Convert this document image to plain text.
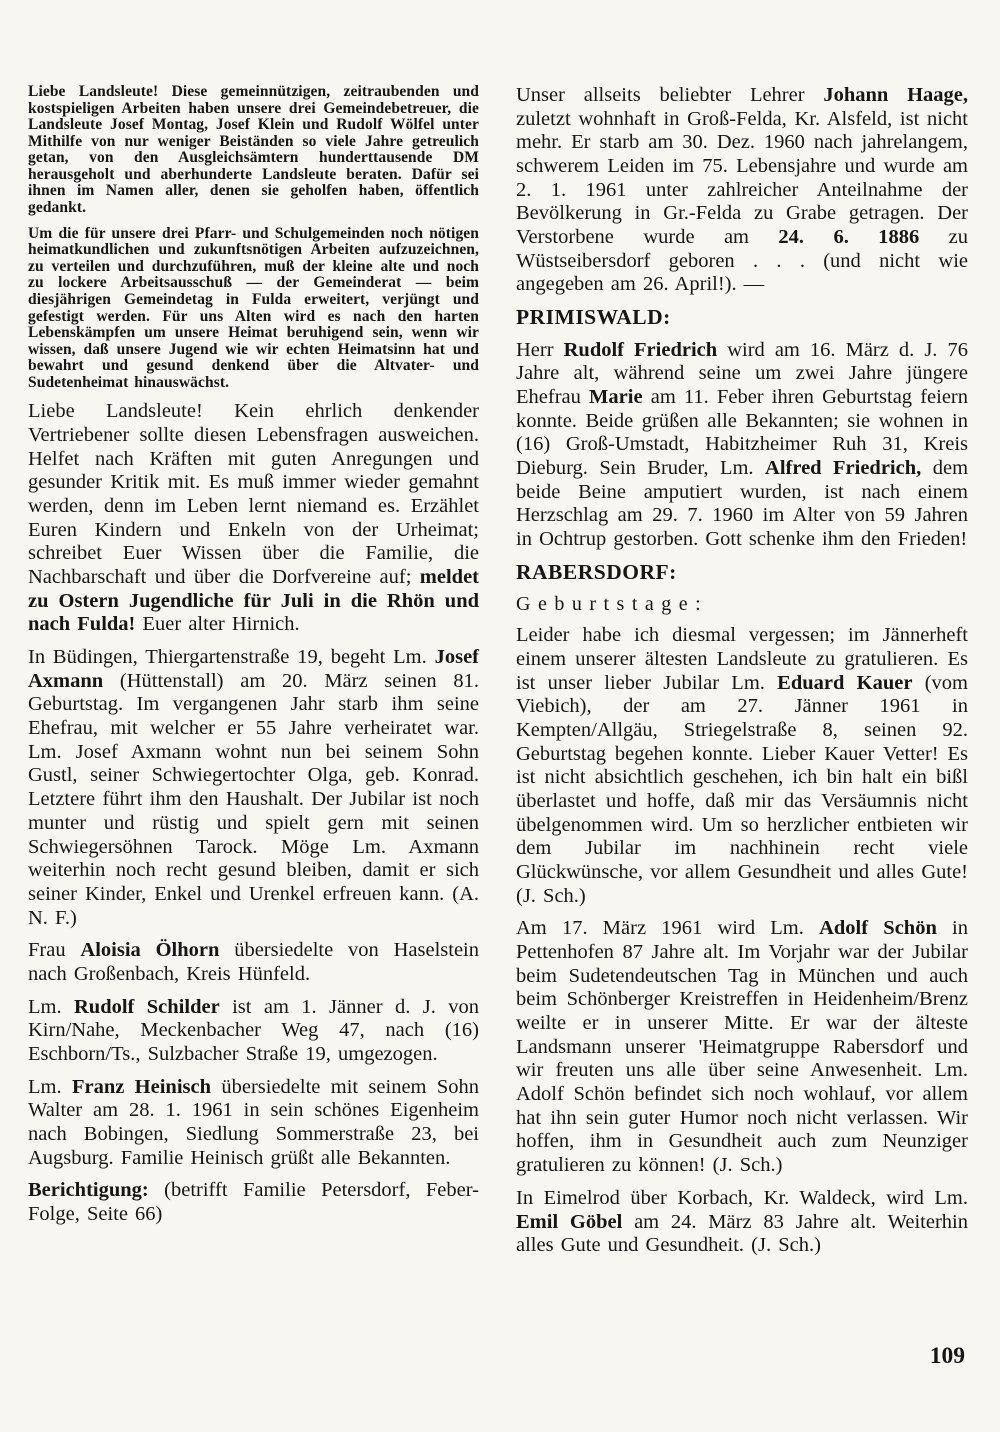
Liebe Landsleute! Diese gemeinnützigen, zeitraubenden und kostspieligen Arbeiten haben unsere drei Gemeindebetreuer, die Landsleute Josef Montag, Josef Klein und Rudolf Wölfel unter Mithilfe von nur weniger Beiständen so viele Jahre getreulich getan, von den Ausgleichsämtern hunderttausende DM herausgeholt und aberhunderte Landsleute beraten. Dafür sei ihnen im Namen aller, denen sie geholfen haben, öffentlich gedankt.

Um die für unsere drei Pfarr- und Schulgemeinden noch nötigen heimatkundlichen und zukunftsnötigen Arbeiten aufzuzeichnen, zu verteilen und durchzuführen, muß der kleine alte und noch zu lockere Arbeitsausschuß — der Gemeinderat — beim diesjährigen Gemeindetag in Fulda erweitert, verjüngt und gefestigt werden. Für uns Alten wird es nach den harten Lebenskämpfen um unsere Heimat beruhigend sein, wenn wir wissen, daß unsere Jugend wie wir echten Heimatsinn hat und bewahrt und gesund denkend über die Altvater- und Sudetenheimat hinauswächst.

Liebe Landsleute! Kein ehrlich denkender Vertriebener sollte diesen Lebensfragen ausweichen. Helfet nach Kräften mit guten Anregungen und gesunder Kritik mit. Es muß immer wieder gemahnt werden, denn im Leben lernt niemand es. Erzählet Euren Kindern und Enkeln von der Urheimat; schreibet Euer Wissen über die Familie, die Nachbarschaft und über die Dorfvereine auf; meldet zu Ostern Jugendliche für Juli in die Rhön und nach Fulda! Euer alter Hirnich.

In Büdingen, Thiergartenstraße 19, begeht Lm. Josef Axmann (Hüttenstall) am 20. März seinen 81. Geburtstag. Im vergangenen Jahr starb ihm seine Ehefrau, mit welcher er 55 Jahre verheiratet war. Lm. Josef Axmann wohnt nun bei seinem Sohn Gustl, seiner Schwiegertochter Olga, geb. Konrad. Letztere führt ihm den Haushalt. Der Jubilar ist noch munter und rüstig und spielt gern mit seinen Schwiegersöhnen Tarock. Möge Lm. Axmann weiterhin noch recht gesund bleiben, damit er sich seiner Kinder, Enkel und Urenkel erfreuen kann. (A. N. F.)

Frau Aloisia Ölhorn übersiedelte von Haselstein nach Großenbach, Kreis Hünfeld.

Lm. Rudolf Schilder ist am 1. Jänner d. J. von Kirn/Nahe, Meckenbacher Weg 47, nach (16) Eschborn/Ts., Sulzbacher Straße 19, umgezogen.

Lm. Franz Heinisch übersiedelte mit seinem Sohn Walter am 28. 1. 1961 in sein schönes Eigenheim nach Bobingen, Siedlung Sommerstraße 23, bei Augsburg. Familie Heinisch grüßt alle Bekannten.

Berichtigung: (betrifft Familie Petersdorf, Feber-Folge, Seite 66)

Unser allseits beliebter Lehrer Johann Haage, zuletzt wohnhaft in Groß-Felda, Kr. Alsfeld, ist nicht mehr. Er starb am 30. Dez. 1960 nach jahrelangem, schwerem Leiden im 75. Lebensjahre und wurde am 2. 1. 1961 unter zahlreicher Anteilnahme der Bevölkerung in Gr.-Felda zu Grabe getragen. Der Verstorbene wurde am 24. 6. 1886 zu Wüstseibersdorf geboren . . . (und nicht wie angegeben am 26. April!). —

PRIMISWALD:

Herr Rudolf Friedrich wird am 16. März d. J. 76 Jahre alt, während seine um zwei Jahre jüngere Ehefrau Marie am 11. Feber ihren Geburtstag feiern konnte. Beide grüßen alle Bekannten; sie wohnen in (16) Groß-Umstadt, Habitzheimer Ruh 31, Kreis Dieburg. Sein Bruder, Lm. Alfred Friedrich, dem beide Beine amputiert wurden, ist nach einem Herzschlag am 29. 7. 1960 im Alter von 59 Jahren in Ochtrup gestorben. Gott schenke ihm den Frieden!

RABERSDORF:

Geburtstage:

Leider habe ich diesmal vergessen; im Jännerheft einem unserer ältesten Landsleute zu gratulieren. Es ist unser lieber Jubilar Lm. Eduard Kauer (vom Viebich), der am 27. Jänner 1961 in Kempten/Allgäu, Striegelstraße 8, seinen 92. Geburtstag begehen konnte. Lieber Kauer Vetter! Es ist nicht absichtlich geschehen, ich bin halt ein bißl überlastet und hoffe, daß mir das Versäumnis nicht übelgenommen wird. Um so herzlicher entbieten wir dem Jubilar im nachhinein recht viele Glückwünsche, vor allem Gesundheit und alles Gute! (J. Sch.)

Am 17. März 1961 wird Lm. Adolf Schön in Pettenhofen 87 Jahre alt. Im Vorjahr war der Jubilar beim Sudetendeutschen Tag in München und auch beim Schönberger Kreistreffen in Heidenheim/Brenz weilte er in unserer Mitte. Er war der älteste Landsmann unserer 'Heimatgruppe Rabersdorf und wir freuten uns alle über seine Anwesenheit. Lm. Adolf Schön befindet sich noch wohlauf, vor allem hat ihn sein guter Humor noch nicht verlassen. Wir hoffen, ihm in Gesundheit auch zum Neunziger gratulieren zu können! (J. Sch.)

In Eimelrod über Korbach, Kr. Waldeck, wird Lm. Emil Göbel am 24. März 83 Jahre alt. Weiterhin alles Gute und Gesundheit. (J. Sch.)

109
